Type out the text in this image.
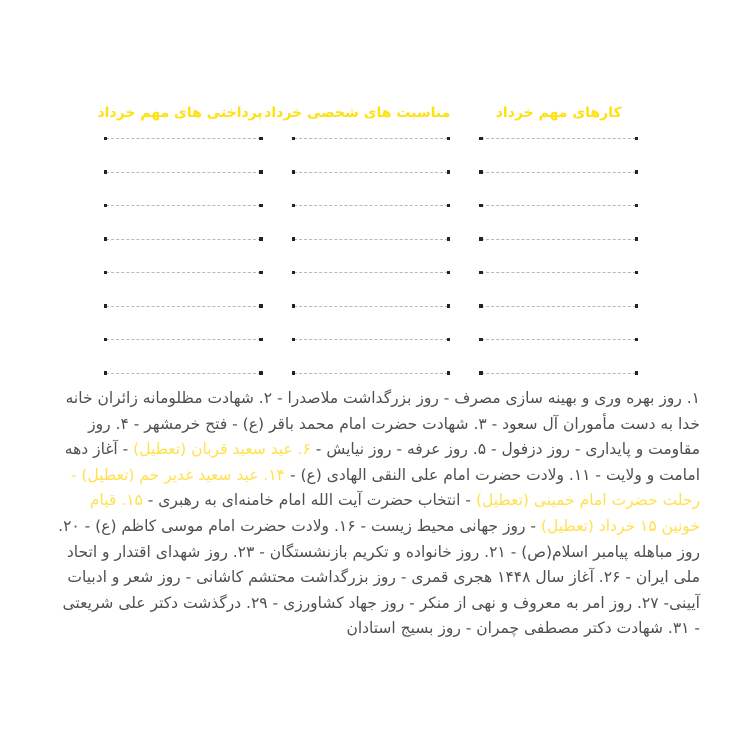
کارهای مهم خرداد
مناسبت های شخصی خرداد
پرداختی های مهم خرداد
۱. روز بهره وری و بهینه سازی مصرف - روز بزرگداشت ملاصدرا - ۲. شهادت مظلومانه زائران خانه خدا به دست مأموران آل سعود - ۳. شهادت حضرت امام محمد باقر (ع) - فتح خرمشهر - ۴. روز مقاومت و پایداری - روز دزفول - ۵. روز عرفه - روز نیایش - ۶. عید سعید قربان (تعطیل) - آغاز دهه امامت و ولایت - ۱۱. ولادت حضرت امام علی النقی الهادی (ع) - ۱۴. عید سعید غدیر خم (تعطیل) - رحلت حضرت امام خمینی (تعطیل) - انتخاب حضرت آیت الله امام خامنه‌ای به رهبری - ۱۵. قیام خونین ۱۵ خرداد (تعطیل) - روز جهانی محیط زیست - ۱۶. ولادت حضرت امام موسی کاظم (ع) - ۲۰. روز مباهله پیامبر اسلام(ص) - ۲۱. روز خانواده و تکریم بازنشستگان - ۲۳. روز شهدای اقتدار و اتحاد ملی ایران - ۲۶. آغاز سال ۱۴۴۸ هجری قمری - روز بزرگداشت محتشم کاشانی - روز شعر و ادبیات آیینی- ۲۷. روز امر به معروف و نهی از منکر - روز جهاد کشاورزی - ۲۹. درگذشت دکتر علی شریعتی - ۳۱. شهادت دکتر مصطفی چمران - روز بسیج استادان
